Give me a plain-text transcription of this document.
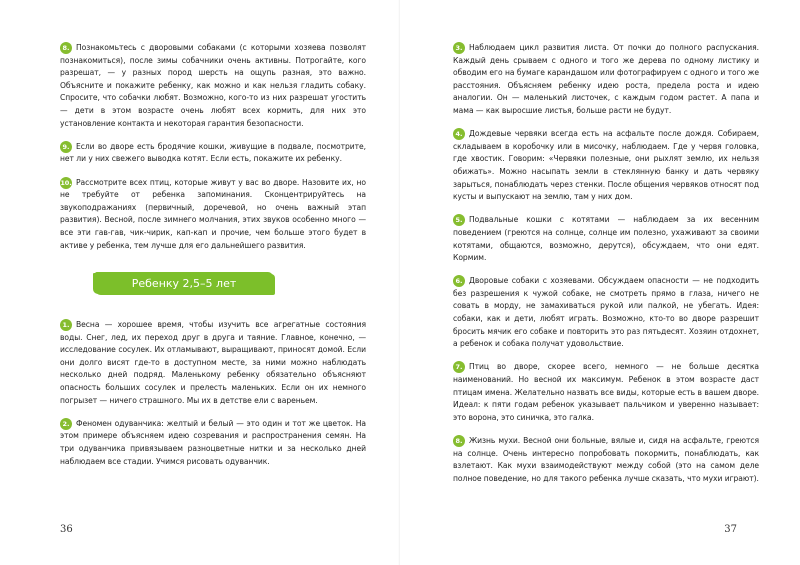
8. Познакомьтесь с дворовыми собаками (с которыми хозяева позволят познакомиться), после зимы собачники очень активны. Потрогайте, кого разрешат, — у разных пород шерсть на ощупь разная, это важно. Объясните и покажите ребенку, как можно и как нельзя гладить собаку. Спросите, что собачки любят. Возможно, кого-то из них разрешат угостить — дети в этом возрасте очень любят всех кормить, для них это установление контакта и некоторая гарантия безопасности.

9. Если во дворе есть бродячие кошки, живущие в подвале, посмотрите, нет ли у них свежего выводка котят. Если есть, покажите их ребенку.

10. Рассмотрите всех птиц, которые живут у вас во дворе. Назовите их, но не требуйте от ребенка запоминания. Сконцентрируйтесь на звукоподражаниях (первичный, доречевой, но очень важный этап развития). Весной, после зимнего молчания, этих звуков особенно много — все эти гав-гав, чик-чирик, кап-кап и прочие, чем больше этого будет в активе у ребенка, тем лучше для его дальнейшего развития.

Ребенку 2,5–5 лет

1. Весна — хорошее время, чтобы изучить все агрегатные состояния воды. Снег, лед, их переход друг в друга и таяние. Главное, конечно, — исследование сосулек. Их отламывают, выращивают, приносят домой. Если они долго висят где-то в доступном месте, за ними можно наблюдать несколько дней подряд. Маленькому ребенку обязательно объясняют опасность больших сосулек и прелесть маленьких. Если он их немного погрызет — ничего страшного. Мы их в детстве ели с вареньем.

2. Феномен одуванчика: желтый и белый — это один и тот же цветок. На этом примере объясняем идею созревания и распространения семян. На три одуванчика привязываем разноцветные нитки и за несколько дней наблюдаем все стадии. Учимся рисовать одуванчик.

36

3. Наблюдаем цикл развития листа. От почки до полного распускания. Каждый день срываем с одного и того же дерева по одному листику и обводим его на бумаге карандашом или фотографируем с одного и того же расстояния. Объясняем ребенку идею роста, предела роста и идею аналогии. Он — маленький листочек, с каждым годом растет. А папа и мама — как выросшие листья, больше расти не будут.

4. Дождевые червяки всегда есть на асфальте после дождя. Собираем, складываем в коробочку или в мисочку, наблюдаем. Где у червя головка, где хвостик. Говорим: «Червяки полезные, они рыхлят землю, их нельзя обижать». Можно насыпать земли в стеклянную банку и дать червяку зарыться, понаблюдать через стенки. После общения червяков относят под кусты и выпускают на землю, там у них дом.

5. Подвальные кошки с котятами — наблюдаем за их весенним поведением (греются на солнце, солнце им полезно, ухаживают за своими котятами, общаются, возможно, дерутся), обсуждаем, что они едят. Кормим.

6. Дворовые собаки с хозяевами. Обсуждаем опасности — не подходить без разрешения к чужой собаке, не смотреть прямо в глаза, ничего не совать в морду, не замахиваться рукой или палкой, не убегать. Идея: собаки, как и дети, любят играть. Возможно, кто-то во дворе разрешит бросить мячик его собаке и повторить это раз пятьдесят. Хозяин отдохнет, а ребенок и собака получат удовольствие.

7. Птиц во дворе, скорее всего, немного — не больше десятка наименований. Но весной их максимум. Ребенок в этом возрасте даст птицам имена. Желательно назвать все виды, которые есть в вашем дворе. Идеал: к пяти годам ребенок указывает пальчиком и уверенно называет: это ворона, это синичка, это галка.

8. Жизнь мухи. Весной они больные, вялые и, сидя на асфальте, греются на солнце. Очень интересно попробовать покормить, понаблюдать, как взлетают. Как мухи взаимодействуют между собой (это на самом деле полное поведение, но для такого ребенка лучше сказать, что мухи играют).

37
